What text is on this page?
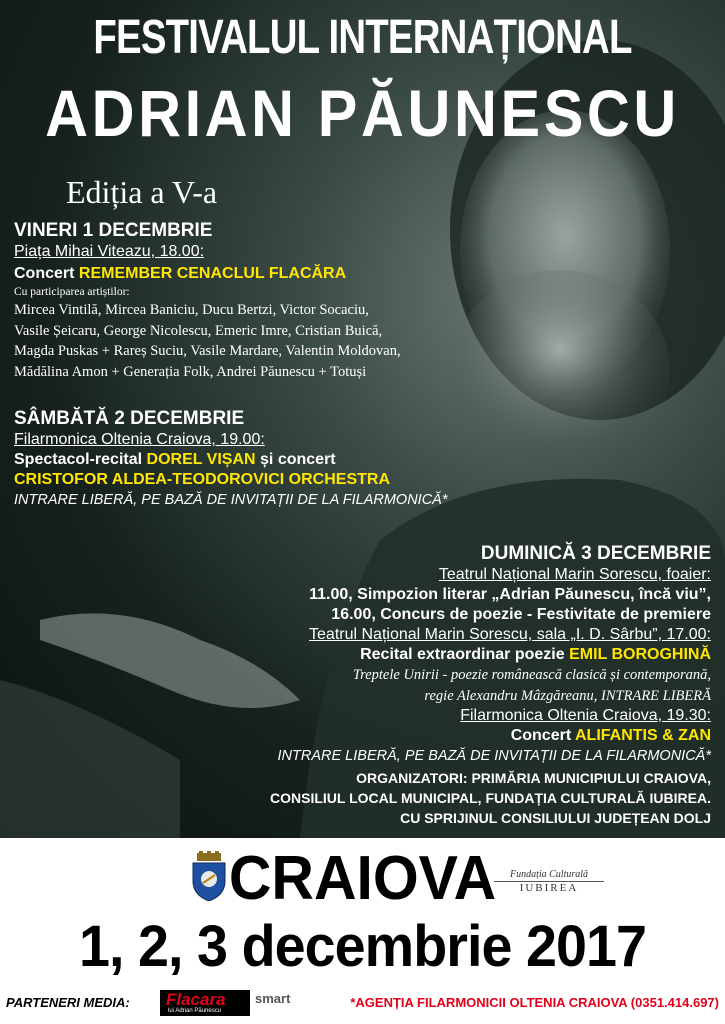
FESTIVALUL INTERNAȚIONAL
ADRIAN PĂUNESCU
Ediția a V-a
VINERI 1 DECEMBRIE
Piața Mihai Viteazu, 18.00:
Concert REMEMBER CENACLUL FLACĂRA
Cu participarea artiștilor:
Mircea Vintilă, Mircea Baniciu, Ducu Bertzi, Victor Socaciu,
Vasile Șeicaru, George Nicolescu, Emeric Imre, Cristian Buică,
Magda Puskas + Rareș Suciu, Vasile Mardare, Valentin Moldovan,
Mădălina Amon + Generația Folk, Andrei Păunescu + Totuși
SÂMBĂTĂ 2 DECEMBRIE
Filarmonica Oltenia Craiova, 19.00:
Spectacol-recital DOREL VIȘAN și concert
CRISTOFOR ALDEA-TEODOROVICI ORCHESTRA
INTRARE LIBERĂ, PE BAZĂ DE INVITAȚII DE LA FILARMONICĂ*
DUMINICĂ 3 DECEMBRIE
Teatrul Național Marin Sorescu, foaier:
11.00, Simpozion literar „Adrian Păunescu, încă viu”,
16.00, Concurs de poezie - Festivitate de premiere
Teatrul Național Marin Sorescu, sala „I. D. Sârbu”, 17.00:
Recital extraordinar poezie EMIL BOROGHINĂ
Treptele Unirii - poezie românească clasică și contemporană,
regie Alexandru Mâzgăreanu, INTRARE LIBERĂ
Filarmonica Oltenia Craiova, 19.30:
Concert ALIFANTIS & ZAN
INTRARE LIBERĂ, PE BAZĂ DE INVITAȚII DE LA FILARMONICĂ*
ORGANIZATORI: PRIMĂRIA MUNICIPIULUI CRAIOVA,
CONSILIUL LOCAL MUNICIPAL, FUNDAȚIA CULTURALĂ IUBIREA.
CU SPRIJINUL CONSILIULUI JUDEȚEAN DOLJ
CRAIOVA	Fundația Culturală
IUBIREA
1, 2, 3 decembrie 2017
PARTENERI MEDIA: Flacara
lui Adrian Păunescu
smart	*AGENȚIA FILARMONICII OLTENIA CRAIOVA (0351.414.697)
